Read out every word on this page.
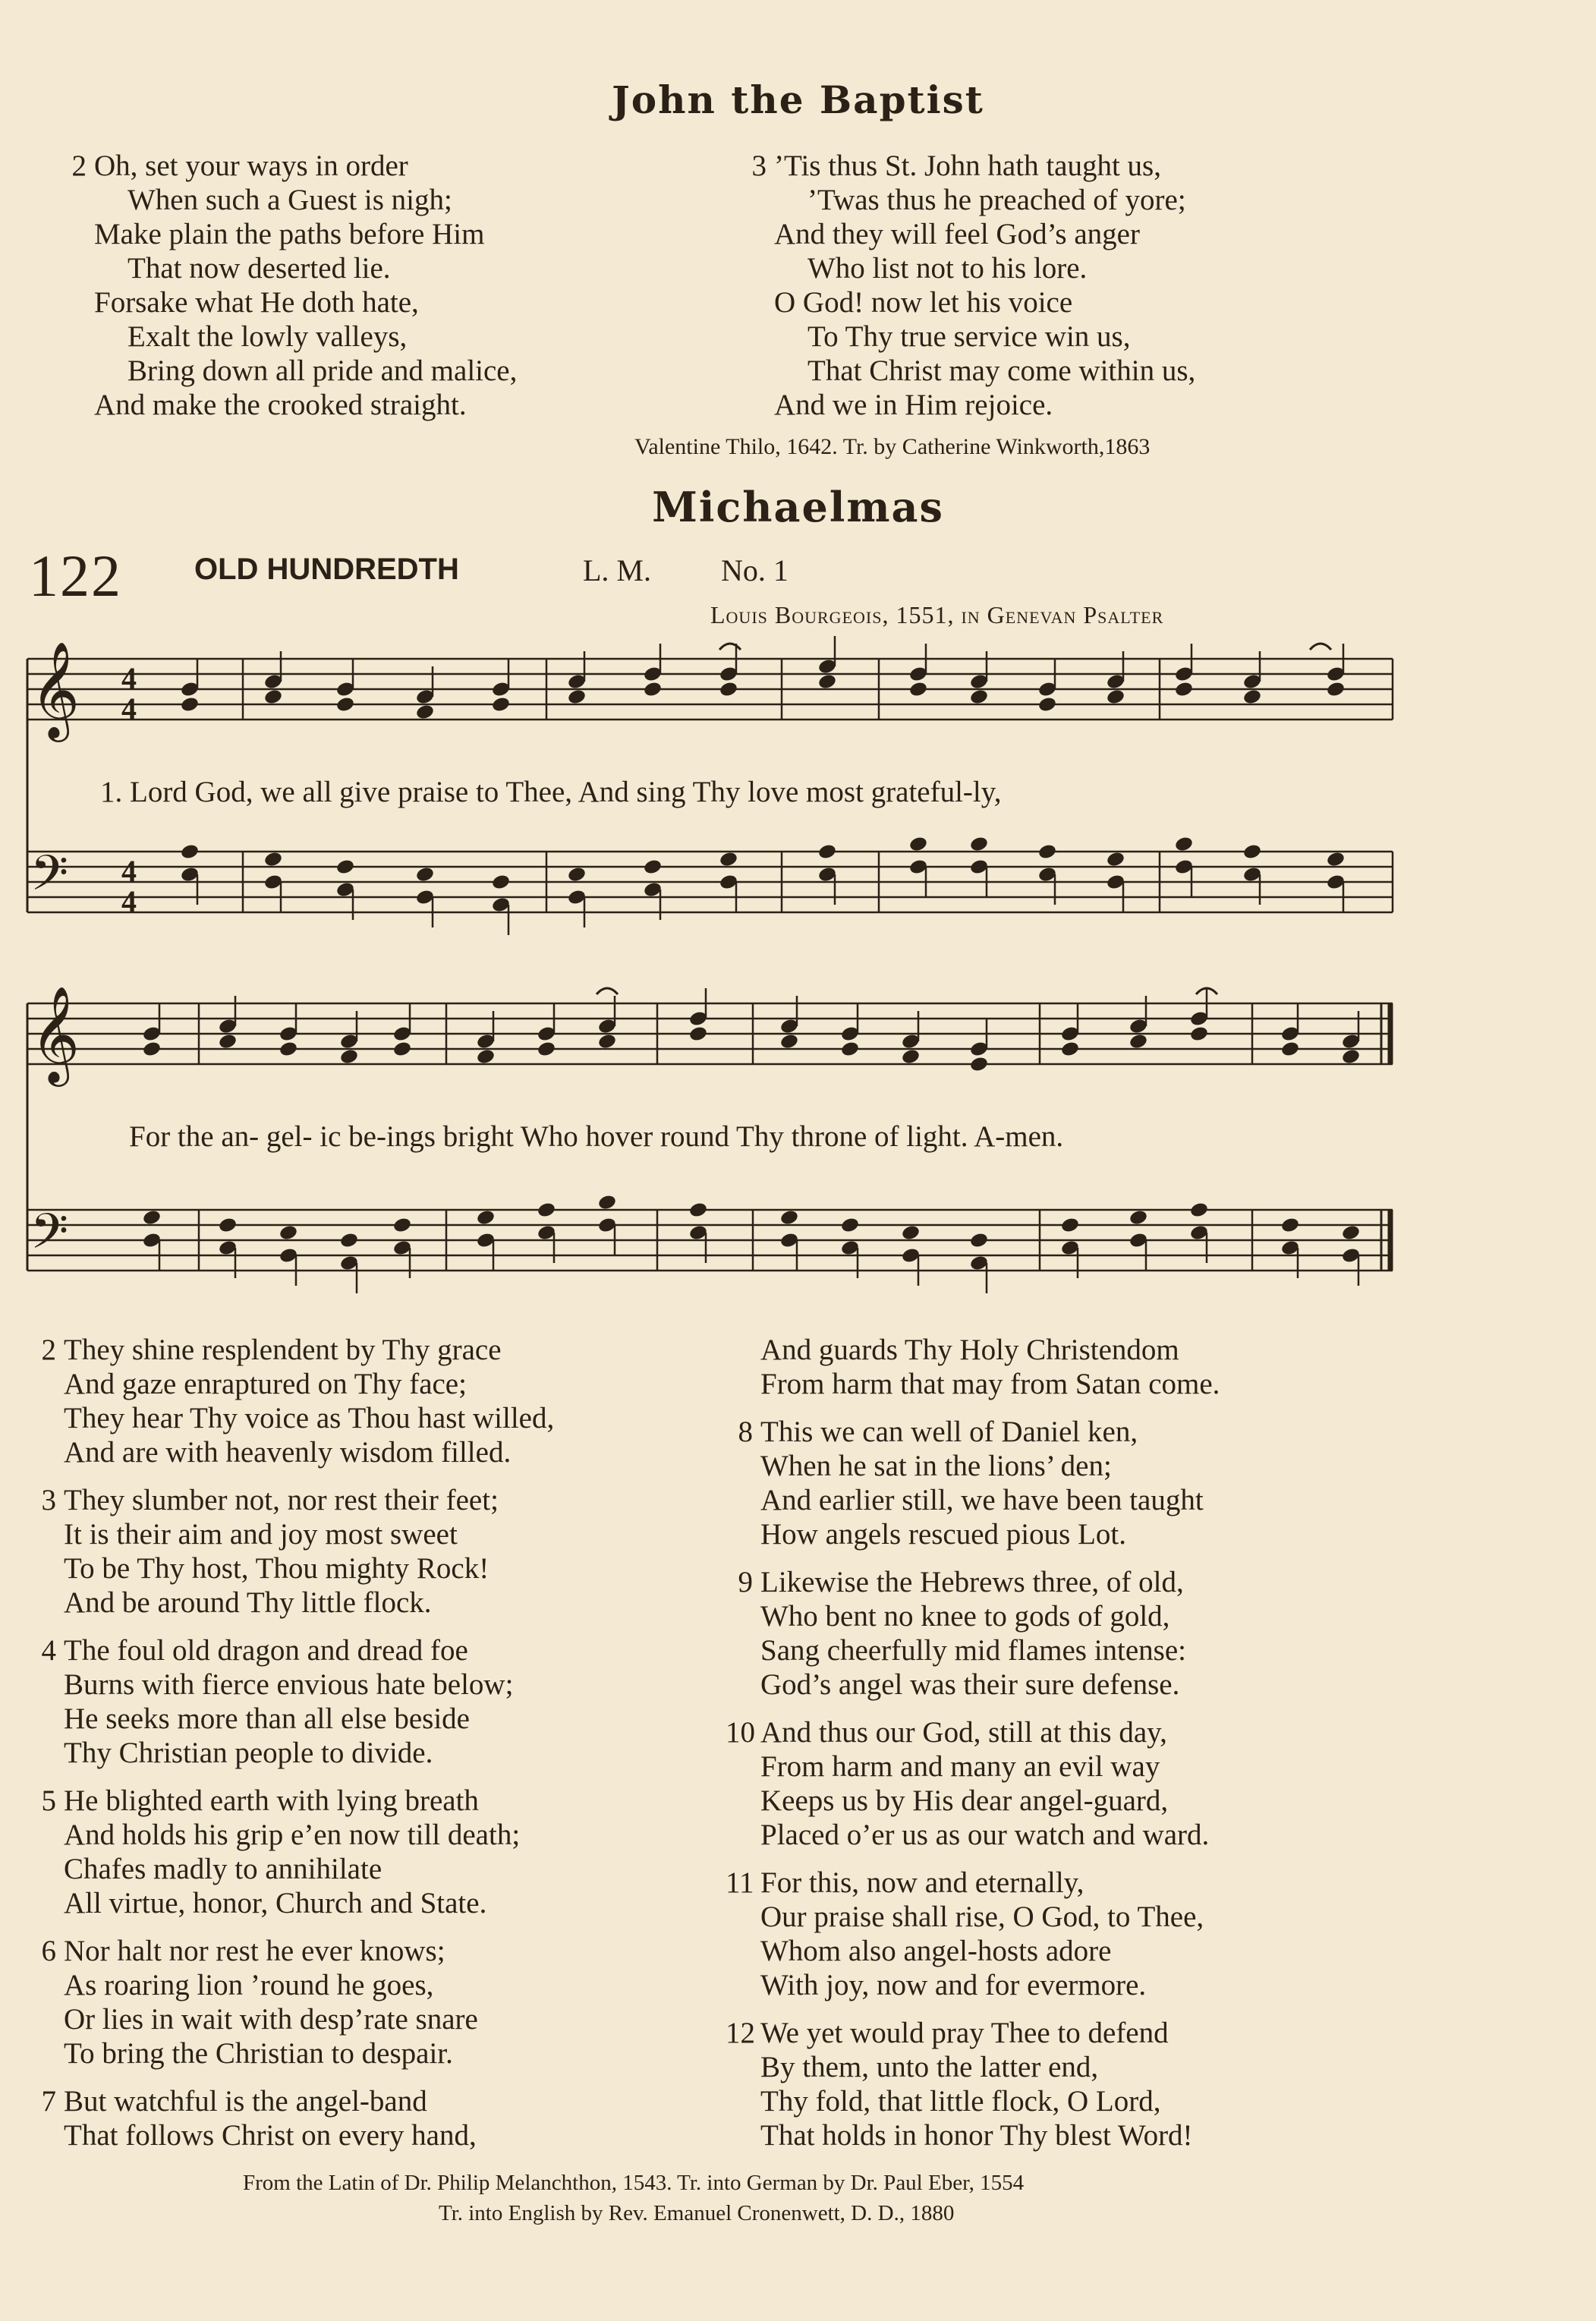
John the Baptist
2 Oh, set your ways in order
When such a Guest is nigh;
Make plain the paths before Him
That now deserted lie.
Forsake what He doth hate,
Exalt the lowly valleys,
Bring down all pride and malice,
And make the crooked straight.
3 ’Tis thus St. John hath taught us,
’Twas thus he preached of yore;
And they will feel God’s anger
Who list not to his lore.
O God! now let his voice
To Thy true service win us,
That Christ may come within us,
And we in Him rejoice.
Valentine Thilo, 1642. Tr. by Catherine Winkworth,1863
Michaelmas
122 OLD HUNDREDTH	L. M. No. 1
Louis Bourgeois, 1551, in Genevan Psalter
𝄞
𝄢
𝄞
𝄢
4
4
4
4
1. Lord God, we all give praise to Thee, And sing Thy love most grateful-ly,
For the an- gel- ic be-ings bright Who hover round Thy throne of light. A-men.
2 They shine resplendent by Thy grace
And gaze enraptured on Thy face;
They hear Thy voice as Thou hast willed,
And are with heavenly wisdom filled.
3 They slumber not, nor rest their feet;
It is their aim and joy most sweet
To be Thy host, Thou mighty Rock!
And be around Thy little flock.
4 The foul old dragon and dread foe
Burns with fierce envious hate below;
He seeks more than all else beside
Thy Christian people to divide.
5 He blighted earth with lying breath
And holds his grip e’en now till death;
Chafes madly to annihilate
All virtue, honor, Church and State.
6 Nor halt nor rest he ever knows;
As roaring lion ’round he goes,
Or lies in wait with desp’rate snare
To bring the Christian to despair.
7 But watchful is the angel-band
That follows Christ on every hand,
And guards Thy Holy Christendom
From harm that may from Satan come.
8 This we can well of Daniel ken,
When he sat in the lions’ den;
And earlier still, we have been taught
How angels rescued pious Lot.
9 Likewise the Hebrews three, of old,
Who bent no knee to gods of gold,
Sang cheerfully mid flames intense:
God’s angel was their sure defense.
10 And thus our God, still at this day,
From harm and many an evil way
Keeps us by His dear angel-guard,
Placed o’er us as our watch and ward.
11 For this, now and eternally,
Our praise shall rise, O God, to Thee,
Whom also angel-hosts adore
With joy, now and for evermore.
12 We yet would pray Thee to defend
By them, unto the latter end,
Thy fold, that little flock, O Lord,
That holds in honor Thy blest Word!
From the Latin of Dr. Philip Melanchthon, 1543. Tr. into German by Dr. Paul Eber, 1554
Tr. into English by Rev. Emanuel Cronenwett, D. D., 1880
